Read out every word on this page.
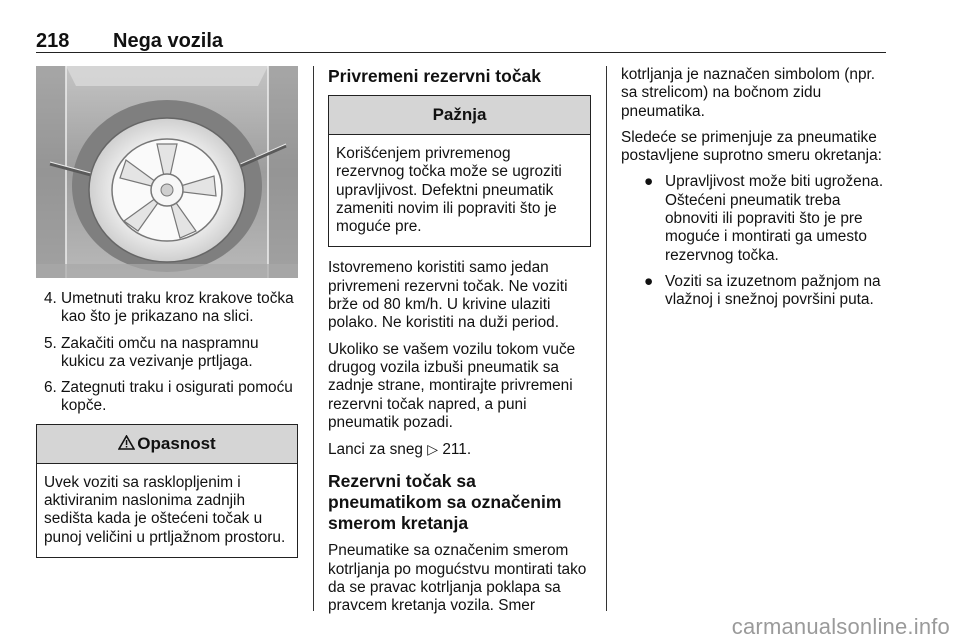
218 Nega vozila
4. Umetnuti traku kroz krakove točka kao što je prikazano na slici.
5. Zakačiti omču na naspramnu kukicu za vezivanje prtljaga.
6. Zategnuti traku i osigurati pomoću kopče.
Opasnost
Uvek voziti sa rasklopljenim i aktiviranim naslonima zadnjih sedišta kada je oštećeni točak u punoj veličini u prtljažnom prostoru.
Privremeni rezervni točak
Pažnja
Korišćenjem privremenog rezervnog točka može se ugroziti upravljivost. Defektni pneumatik zameniti novim ili popraviti što je moguće pre.

Istovremeno koristiti samo jedan privremeni rezervni točak. Ne voziti brže od 80 km/h. U krivine ulaziti polako. Ne koristiti na duži period.

Ukoliko se vašem vozilu tokom vuče drugog vozila izbuši pneumatik sa zadnje strane, montirajte privremeni rezervni točak napred, a puni pneumatik pozadi.

Lanci za sneg ▷ 211.

Rezervni točak sa pneumatikom sa označenim smerom kretanja

Pneumatike sa označenim smerom kotrljanja po mogućstvu montirati tako da se pravac kotrljanja poklapa sa pravcem kretanja vozila. Smer

kotrljanja je naznačen simbolom (npr. sa strelicom) na bočnom zidu pneumatika.

Sledeće se primenjuje za pneumatike postavljene suprotno smeru okretanja:

● Upravljivost može biti ugrožena. Oštećeni pneumatik treba obnoviti ili popraviti što je pre moguće i montirati ga umesto rezervnog točka.
● Voziti sa izuzetnom pažnjom na vlažnoj i snežnoj površini puta.
carmanualsonline.info
